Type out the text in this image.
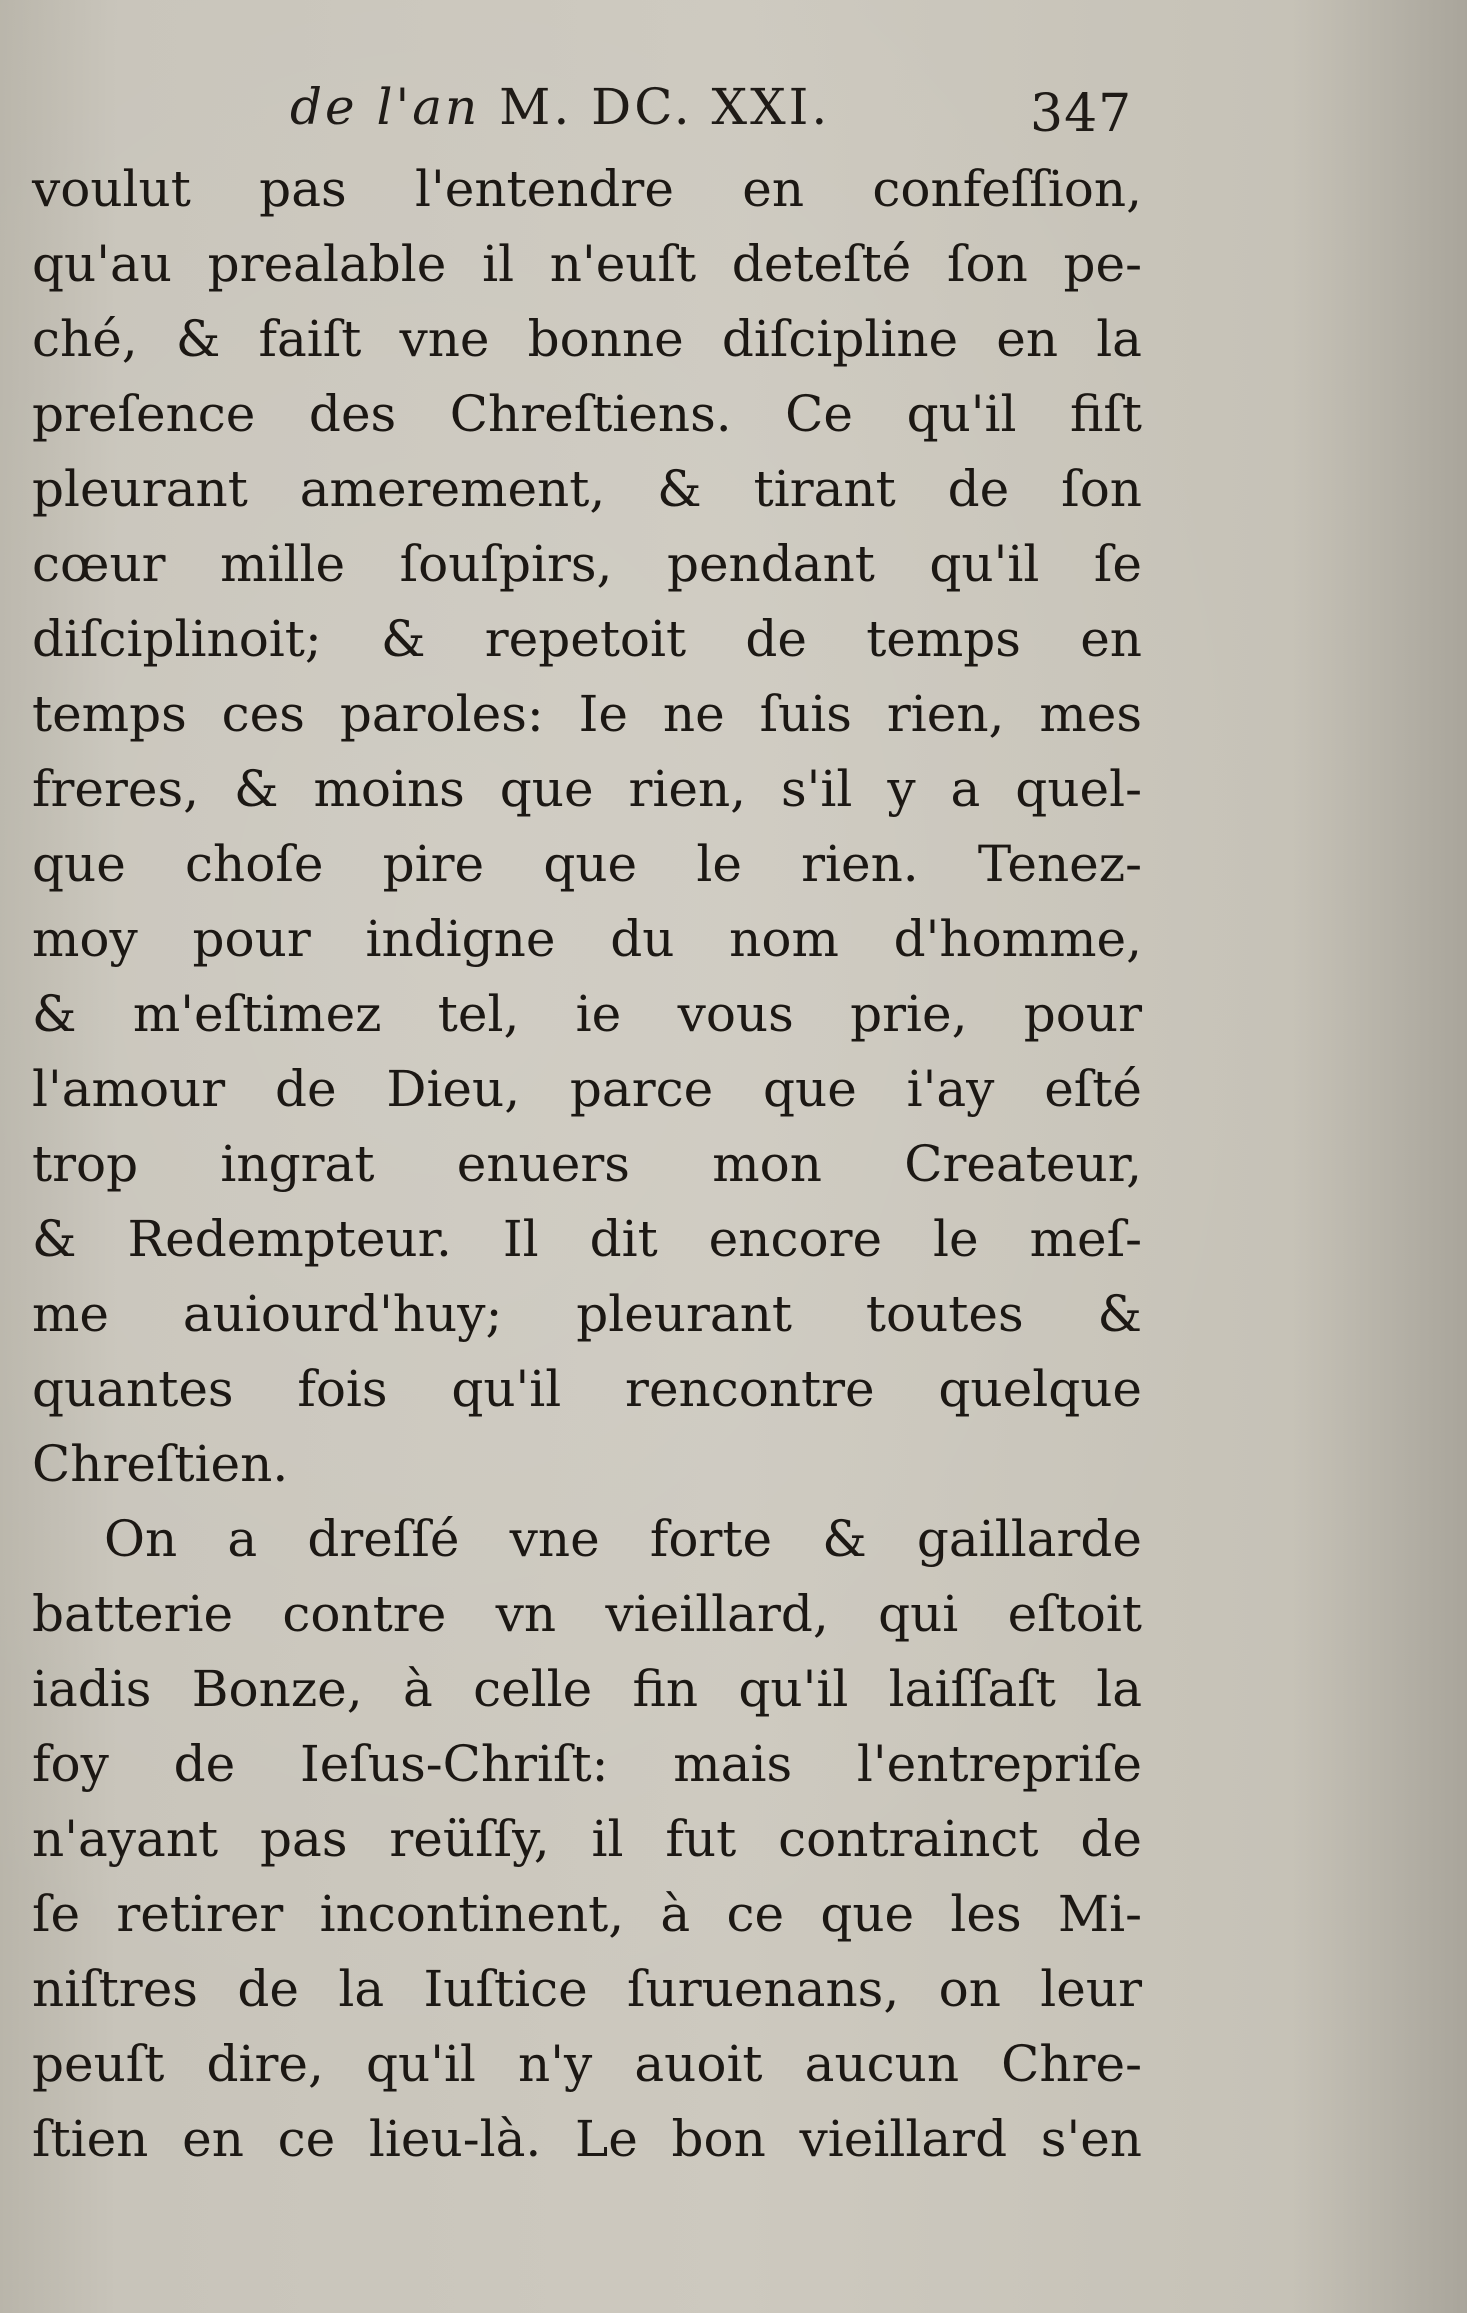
de l'an M. DC. XXI.	347
voulut pas l'entendre en confeſſion,
qu'au prealable il n'euſt deteſté ſon pe-
ché, & faiſt vne bonne diſcipline en la
preſence des Chreſtiens. Ce qu'il fiſt
pleurant amerement, & tirant de ſon
cœur mille ſouſpirs, pendant qu'il ſe
diſciplinoit; & repetoit de temps en
temps ces paroles: Ie ne ſuis rien, mes
freres, & moins que rien, s'il y a quel-
que choſe pire que le rien. Tenez-
moy pour indigne du nom d'homme,
& m'eſtimez tel, ie vous prie, pour
l'amour de Dieu, parce que i'ay eſté
trop ingrat enuers mon Createur,
& Redempteur. Il dit encore le meſ-
me auiourd'huy; pleurant toutes &
quantes fois qu'il rencontre quelque
Chreſtien.
On a dreſſé vne forte & gaillarde
batterie contre vn vieillard, qui eſtoit
iadis Bonze, à celle fin qu'il laiſſaſt la
foy de Ieſus-Chriſt: mais l'entrepriſe
n'ayant pas reüſſy, il fut contrainct de
ſe retirer incontinent, à ce que les Mi-
niſtres de la Iuſtice ſuruenans, on leur
peuſt dire, qu'il n'y auoit aucun Chre-
ſtien en ce lieu-là. Le bon vieillard s'en
